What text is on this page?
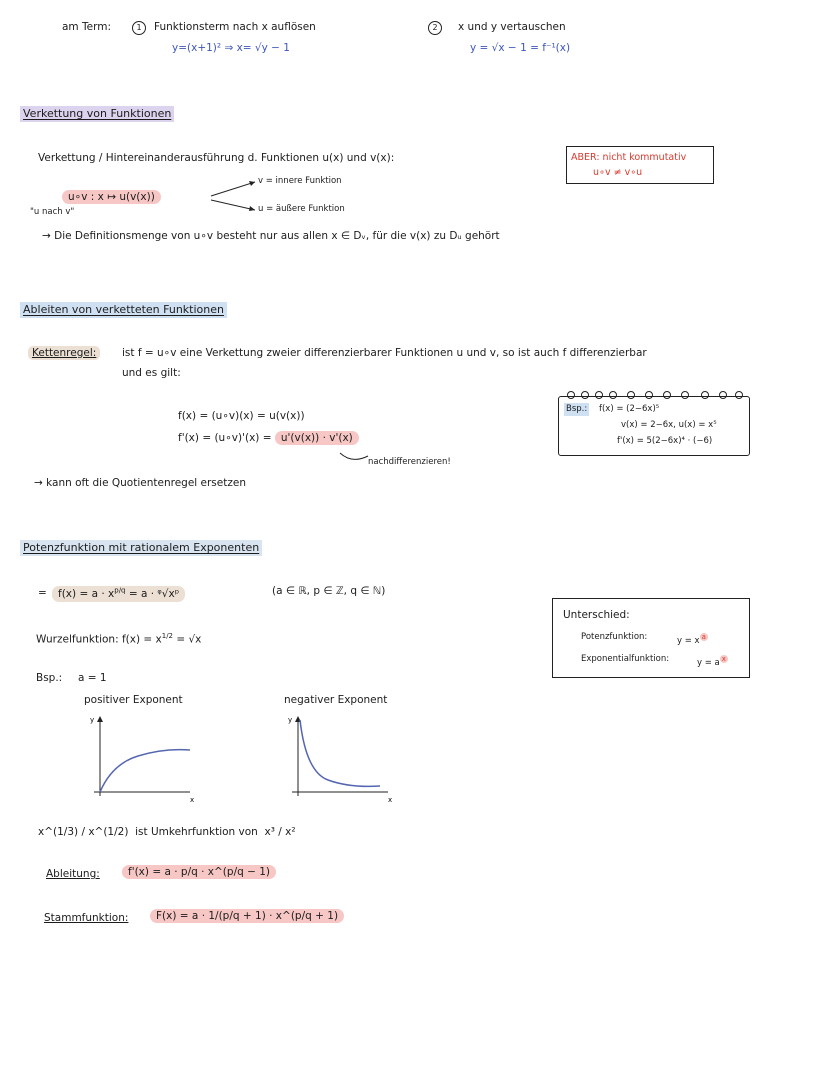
am Term:	1	Funktionsterm nach x auflösen
y=(x+1)² ⇒ x= √y − 1
2	x und y vertauschen
y = √x − 1 = f⁻¹(x)
Verkettung von Funktionen
Verkettung / Hintereinanderausführung d. Funktionen u(x) und v(x):	ABER: nicht kommutativ
u∘v ≠ v∘u
u∘v : x ↦ u(v(x))
"u nach v"
v = innere Funktion
u = äußere Funktion
→ Die Definitionsmenge von u∘v besteht nur aus allen x ∈ Dᵥ, für die v(x) zu Dᵤ gehört
Ableiten von verketteten Funktionen
Kettenregel:	ist f = u∘v eine Verkettung zweier differenzierbarer Funktionen u und v, so ist auch f differenzierbar
und es gilt:
f(x) = (u∘v)(x) = u(v(x))
f'(x) = (u∘v)'(x) = u'(v(x)) · v'(x)
nachdifferenzieren!
→ kann oft die Quotientenregel ersetzen
Bsp.: f(x) = (2−6x)⁵
v(x) = 2−6x, u(x) = x⁵
f'(x) = 5(2−6x)⁴ · (−6)
Potenzfunktion mit rationalem Exponenten
=	$f(x) = a \cdot x^{p/q} = a$ · ᵠ√xᵖ	(a ∈ ℝ, p ∈ ℤ, q ∈ ℕ)
Wurzelfunktion: $f(x) = x^{1/2} = √x$
Unterschied:
Potenzfunktion:	y = x $^a$
Exponentialfunktion:	y = a $^x$
Bsp.: a = 1
positiver Exponent	negativer Exponent
y
x
y
x
x^(1/3) / x^(1/2) ist Umkehrfunktion von x³ / x²
Ableitung:	f'(x) = a · p/q · x^(p/q − 1)
Stammfunktion:	F(x) = a · 1/(p/q + 1) · x^(p/q + 1)
